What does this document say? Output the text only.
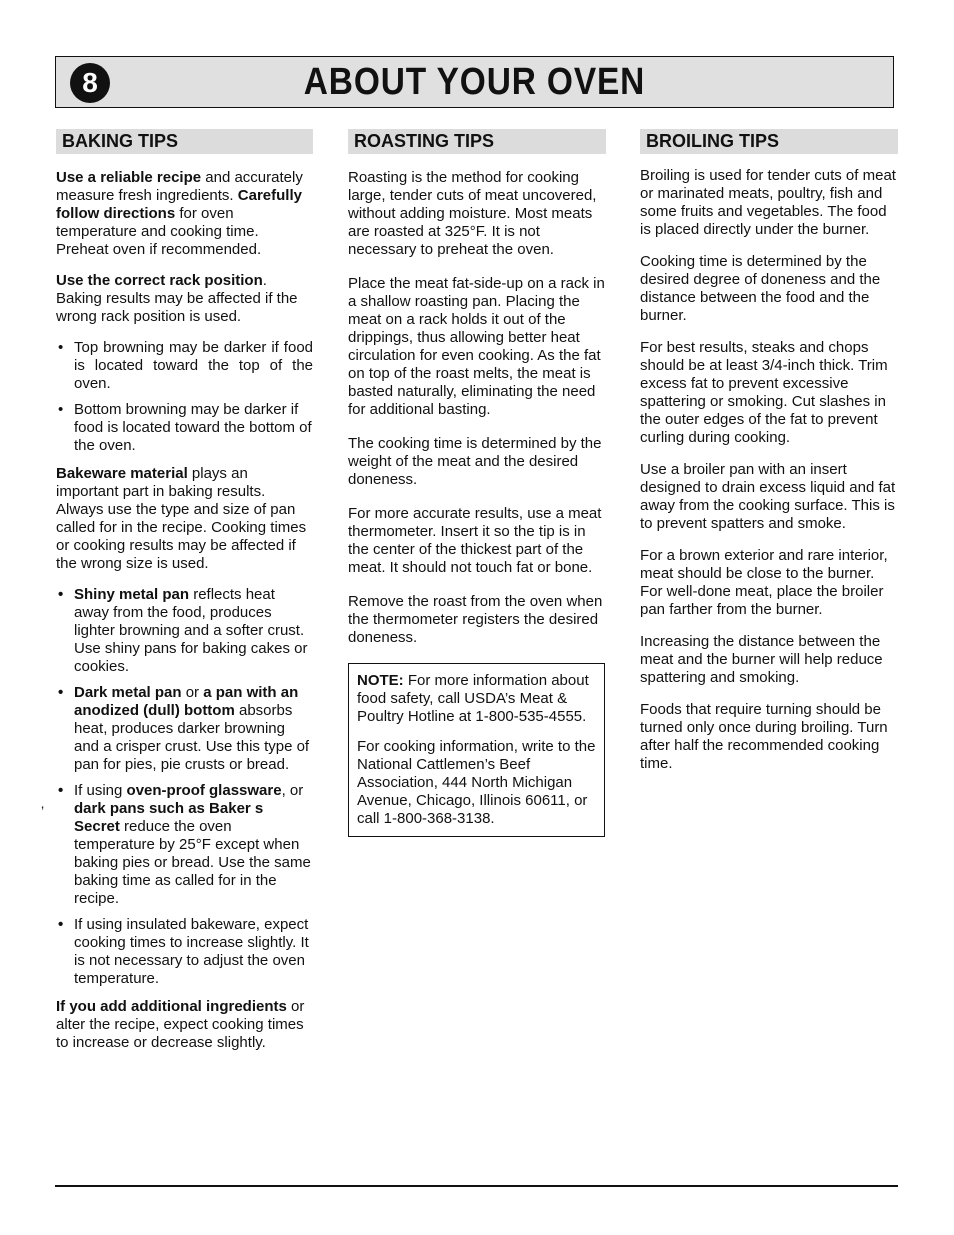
8	ABOUT YOUR OVEN
BAKING TIPS

Use a reliable recipe and accurately measure fresh ingredients. Carefully follow directions for oven temperature and cooking time. Preheat oven if recommended.

Use the correct rack position. Baking results may be affected if the wrong rack position is used.

• Top browning may be darker if food is located toward the top of the oven.
• Bottom browning may be darker if food is located toward the bottom of the oven.

Bakeware material plays an important part in baking results. Always use the type and size of pan called for in the recipe. Cooking times or cooking results may be affected if the wrong size is used.

• Shiny metal pan reflects heat away from the food, produces lighter browning and a softer crust. Use shiny pans for baking cakes or cookies.
• Dark metal pan or a pan with an anodized (dull) bottom absorbs heat, produces darker browning and a crisper crust. Use this type of pan for pies, pie crusts or bread.
• If using oven-proof glassware, or dark pans such as Baker s Secret reduce the oven temperature by 25°F except when baking pies or bread. Use the same baking time as called for in the recipe.
• If using insulated bakeware, expect cooking times to increase slightly. It is not necessary to adjust the oven temperature.

If you add additional ingredients or alter the recipe, expect cooking times to increase or decrease slightly.

’
ROASTING TIPS

Roasting is the method for cooking large, tender cuts of meat uncovered, without adding moisture. Most meats are roasted at 325°F. It is not necessary to preheat the oven.

Place the meat fat-side-up on a rack in a shallow roasting pan. Placing the meat on a rack holds it out of the drippings, thus allowing better heat circulation for even cooking. As the fat on top of the roast melts, the meat is basted naturally, eliminating the need for additional basting.

The cooking time is determined by the weight of the meat and the desired doneness.

For more accurate results, use a meat thermometer. Insert it so the tip is in the center of the thickest part of the meat. It should not touch fat or bone.

Remove the roast from the oven when the thermometer registers the desired doneness.

NOTE: For more information about food safety, call USDA’s Meat & Poultry Hotline at 1-800-535-4555.

For cooking information, write to the National Cattlemen’s Beef Association, 444 North Michigan Avenue, Chicago, Illinois 60611, or call 1-800-368-3138.

BROILING TIPS

Broiling is used for tender cuts of meat or marinated meats, poultry, fish and some fruits and vegetables. The food is placed directly under the burner.

Cooking time is determined by the desired degree of doneness and the distance between the food and the burner.

For best results, steaks and chops should be at least 3/4-inch thick. Trim excess fat to prevent excessive spattering or smoking. Cut slashes in the outer edges of the fat to prevent curling during cooking.

Use a broiler pan with an insert designed to drain excess liquid and fat away from the cooking surface. This is to prevent spatters and smoke.

For a brown exterior and rare interior, meat should be close to the burner. For well-done meat, place the broiler pan farther from the burner.

Increasing the distance between the meat and the burner will help reduce spattering and smoking.

Foods that require turning should be turned only once during broiling. Turn after half the recommended cooking time.
